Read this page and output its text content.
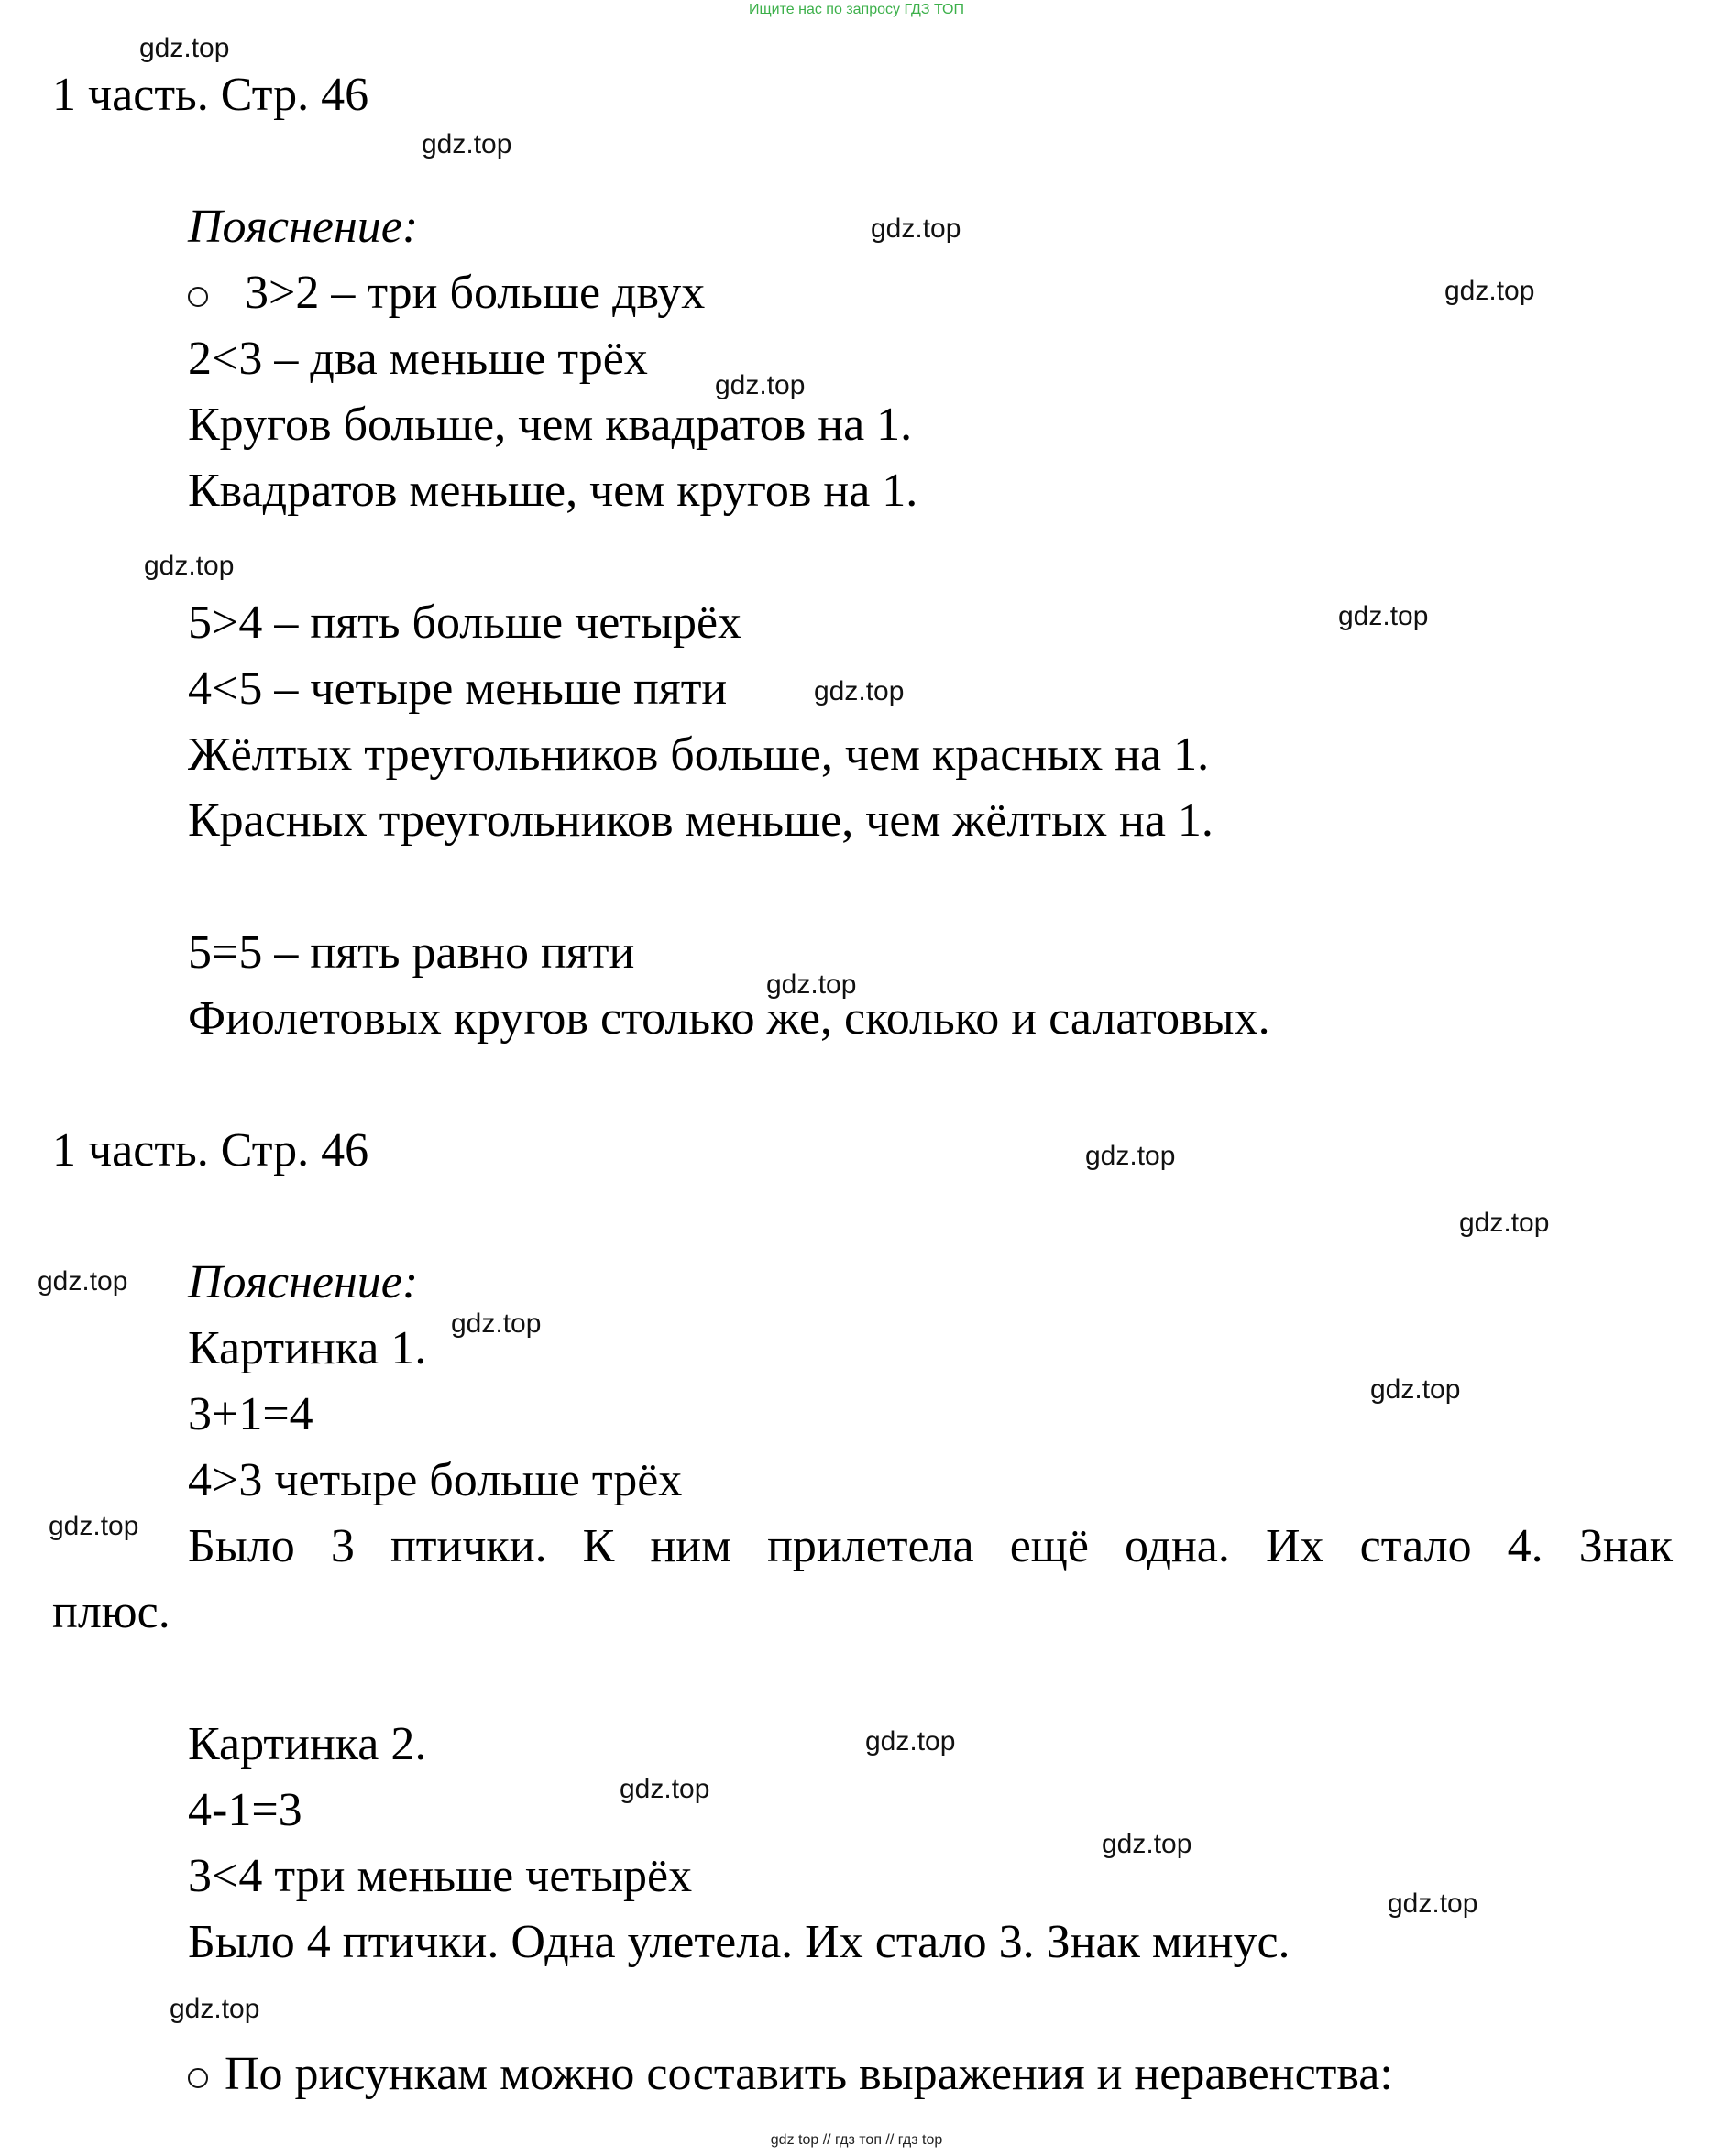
Ищите нас по запросу ГДЗ ТОП
1 часть. Стр. 46
Пояснение:
3>2 – три больше двух
2<3 – два меньше трёх
Кругов больше, чем квадратов на 1.
Квадратов меньше, чем кругов на 1.
5>4 – пять больше четырёх
4<5 – четыре меньше пяти
Жёлтых треугольников больше, чем красных на 1.
Красных треугольников меньше, чем жёлтых на 1.
5=5 – пять равно пяти
Фиолетовых кругов столько же, сколько и салатовых.
1 часть. Стр. 46
Пояснение:
Картинка 1.
3+1=4
4>3 четыре больше трёх
Было 3 птички. К ним прилетела ещё одна. Их стало 4. Знак
плюс.
Картинка 2.
4-1=3
3<4 три меньше четырёх
Было 4 птички. Одна улетела. Их стало 3. Знак минус.
По рисункам можно составить выражения и неравенства:
gdz.top
gdz.top
gdz.top
gdz.top
gdz.top
gdz.top
gdz.top
gdz.top
gdz.top
gdz.top
gdz.top
gdz.top
gdz.top
gdz.top
gdz.top
gdz.top
gdz.top
gdz.top
gdz.top
gdz.top
gdz top // гдз топ // гдз top
